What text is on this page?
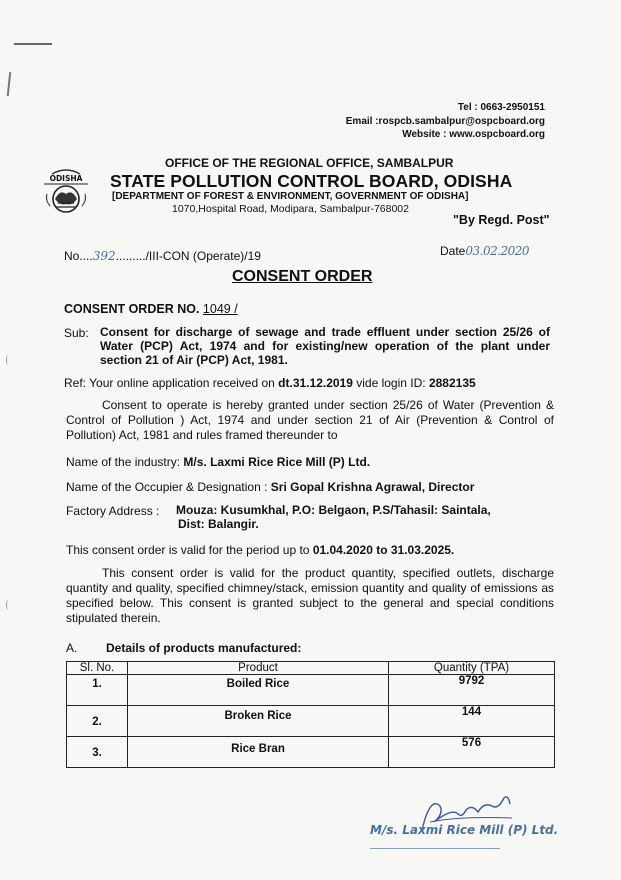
Tel : 0663-2950151
Email :rospcb.sambalpur@ospcboard.org
Website : www.ospcboard.org
ODISHA
OFFICE OF THE REGIONAL OFFICE, SAMBALPUR
STATE POLLUTION CONTROL BOARD, ODISHA
[DEPARTMENT OF FOREST & ENVIRONMENT, GOVERNMENT OF ODISHA]
1070,Hospital Road, Modipara, Sambalpur-768002
"By Regd. Post"
No....392........./III-CON (Operate)/19	Date03.02.2020
CONSENT ORDER
CONSENT ORDER NO. 1049 /
Sub: Consent for discharge of sewage and trade effluent under section 25/26 of Water (PCP) Act, 1974 and for existing/new operation of the plant under section 21 of Air (PCP) Act, 1981.
Ref: Your online application received on dt.31.12.2019 vide login ID: 2882135
Consent to operate is hereby granted under section 25/26 of Water (Prevention & Control of Pollution ) Act, 1974 and under section 21 of Air (Prevention & Control of Pollution) Act, 1981 and rules framed thereunder to
Name of the industry: M/s. Laxmi Rice Rice Mill (P) Ltd.
Name of the Occupier & Designation : Sri Gopal Krishna Agrawal, Director
Factory Address : Mouza: Kusumkhal, P.O: Belgaon, P.S/Tahasil: Saintala,
Dist: Balangir.
This consent order is valid for the period up to 01.04.2020 to 31.03.2025.
This consent order is valid for the product quantity, specified outlets, discharge quantity and quality, specified chimney/stack, emission quantity and quality of emissions as specified below. This consent is granted subject to the general and special conditions stipulated therein.
A. Details of products manufactured:
Sl. No.	Product	Quantity (TPA)

1.	Boiled Rice	9792

2.	Broken Rice	144

3.	Rice Bran	576
M/s. Laxmi Rice Mill (P) Ltd.
